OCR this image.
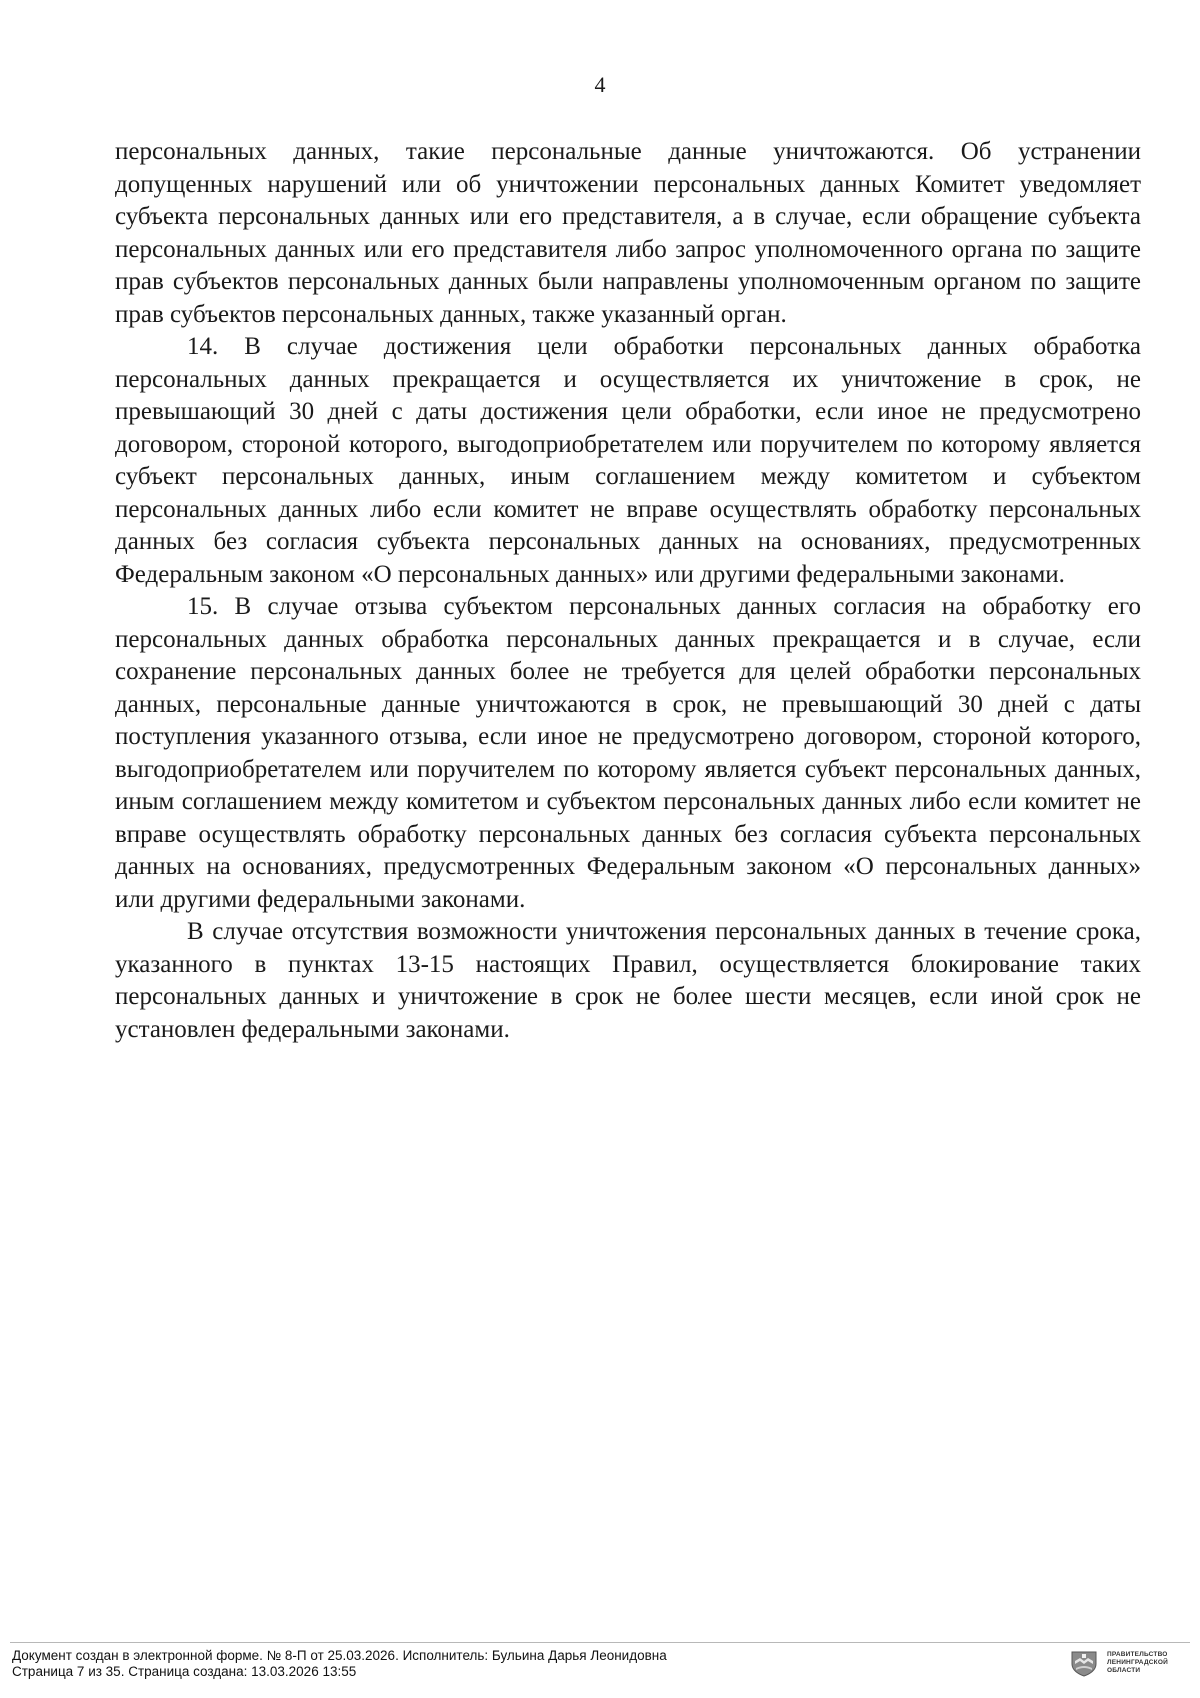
4

персональных данных, такие персональные данные уничтожаются. Об устранении допущенных нарушений или об уничтожении персональных данных Комитет уведомляет субъекта персональных данных или его представителя, а в случае, если обращение субъекта персональных данных или его представителя либо запрос уполномоченного органа по защите прав субъектов персональных данных были направлены уполномоченным органом по защите прав субъектов персональных данных, также указанный орган.

14. В случае достижения цели обработки персональных данных обработка персональных данных прекращается и осуществляется их уничтожение в срок, не превышающий 30 дней с даты достижения цели обработки, если иное не предусмотрено договором, стороной которого, выгодоприобретателем или поручителем по которому является субъект персональных данных, иным соглашением между комитетом и субъектом персональных данных либо если комитет не вправе осуществлять обработку персональных данных без согласия субъекта персональных данных на основаниях, предусмотренных Федеральным законом «О персональных данных» или другими федеральными законами.

15. В случае отзыва субъектом персональных данных согласия на обработку его персональных данных обработка персональных данных прекращается и в случае, если сохранение персональных данных более не требуется для целей обработки персональных данных, персональные данные уничтожаются в срок, не превышающий 30 дней с даты поступления указанного отзыва, если иное не предусмотрено договором, стороной которого, выгодоприобретателем или поручителем по которому является субъект персональных данных, иным соглашением между комитетом и субъектом персональных данных либо если комитет не вправе осуществлять обработку персональных данных без согласия субъекта персональных данных на основаниях, предусмотренных Федеральным законом «О персональных данных» или другими федеральными законами.

В случае отсутствия возможности уничтожения персональных данных в течение срока, указанного в пунктах 13-15 настоящих Правил, осуществляется блокирование таких персональных данных и уничтожение в срок не более шести месяцев, если иной срок не установлен федеральными законами.

Документ создан в электронной форме. № 8-П от 25.03.2026. Исполнитель: Бульина Дарья Леонидовна
Страница 7 из 35. Страница создана: 13.03.2026 13:55
ПРАВИТЕЛЬСТВО
ЛЕНИНГРАДСКОЙ
ОБЛАСТИ
